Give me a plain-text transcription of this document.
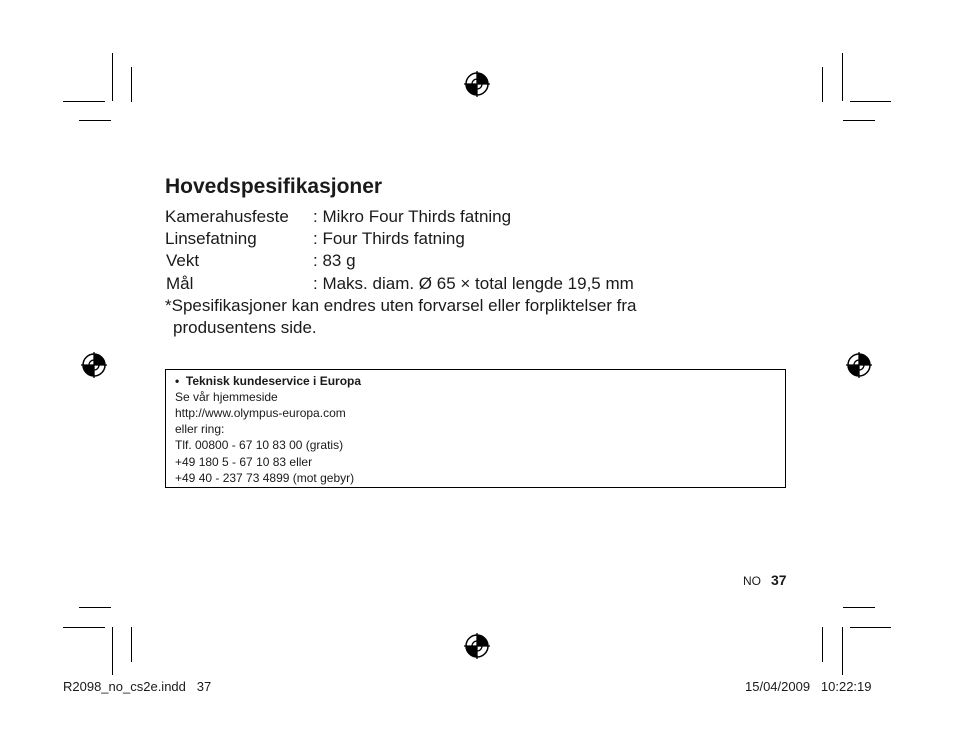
Hovedspesifikasjoner
Kamerahusfeste : Mikro Four Thirds fatning
Linsefatning	: Four Thirds fatning
Vekt	: 83 g
Mål	: Maks. diam. Ø 65 × total lengde 19,5 mm
*Spesifikasjoner kan endres uten forvarsel eller forpliktelser fra
produsentens side.
•  Teknisk kundeservice i Europa
Se vår hjemmeside
http://www.olympus-europa.com
eller ring:
Tlf. 00800 - 67 10 83 00 (gratis)
+49 180 5 - 67 10 83 eller
+49 40 - 237 73 4899 (mot gebyr)
NO 37
R2098_no_cs2e.indd   37	15/04/2009   10:22:19
